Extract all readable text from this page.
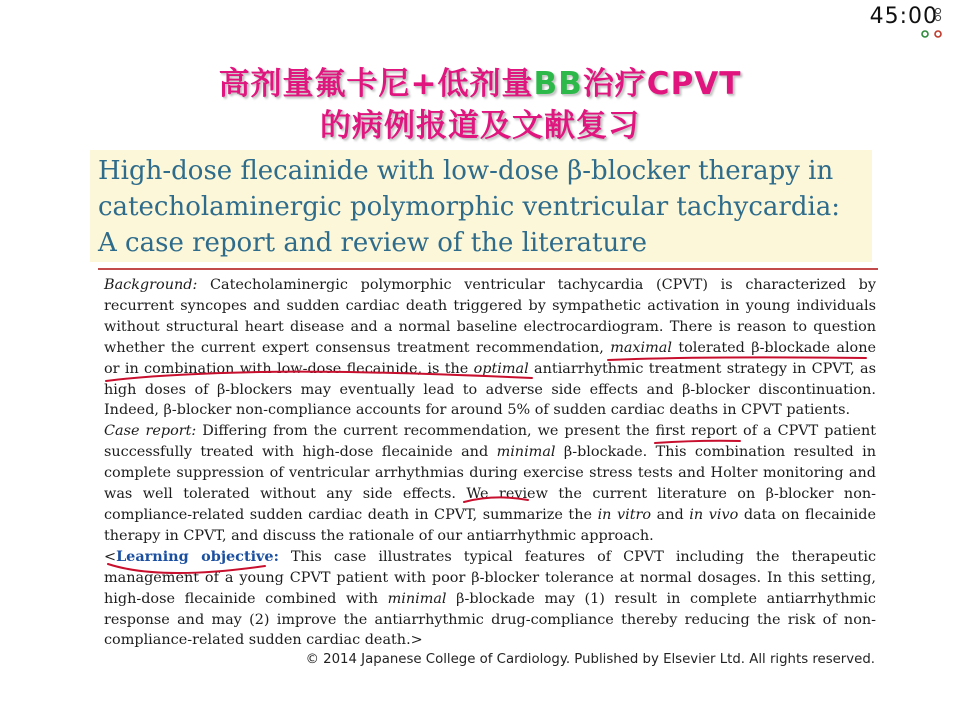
45:00
高剂量氟卡尼+低剂量BB治疗CPVT
的病例报道及文献复习
High-dose flecainide with low-dose β-blocker therapy in
catecholaminergic polymorphic ventricular tachycardia:
A case report and review of the literature

Background: Catecholaminergic polymorphic ventricular tachycardia (CPVT) is characterized by recurrent syncopes and sudden cardiac death triggered by sympathetic activation in young individuals without structural heart disease and a normal baseline electrocardiogram. There is reason to question whether the current expert consensus treatment recommendation, maximal tolerated β-blockade alone or in combination with low-dose flecainide, is the optimal antiarrhythmic treatment strategy in CPVT, as high doses of β-blockers may eventually lead to adverse side effects and β-blocker discontinuation. Indeed, β-blocker non-compliance accounts for around 5% of sudden cardiac deaths in CPVT patients.

Case report: Differing from the current recommendation, we present the first report of a CPVT patient successfully treated with high-dose flecainide and minimal β-blockade. This combination resulted in complete suppression of ventricular arrhythmias during exercise stress tests and Holter monitoring and was well tolerated without any side effects. We review the current literature on β-blocker non-compliance-related sudden cardiac death in CPVT, summarize the in vitro and in vivo data on flecainide therapy in CPVT, and discuss the rationale of our antiarrhythmic approach.

<Learning objective: This case illustrates typical features of CPVT including the therapeutic management of a young CPVT patient with poor β-blocker tolerance at normal dosages. In this setting, high-dose flecainide combined with minimal β-blockade may (1) result in complete antiarrhythmic response and may (2) improve the antiarrhythmic drug-compliance thereby reducing the risk of non-compliance-related sudden cardiac death.>

© 2014 Japanese College of Cardiology. Published by Elsevier Ltd. All rights reserved.
